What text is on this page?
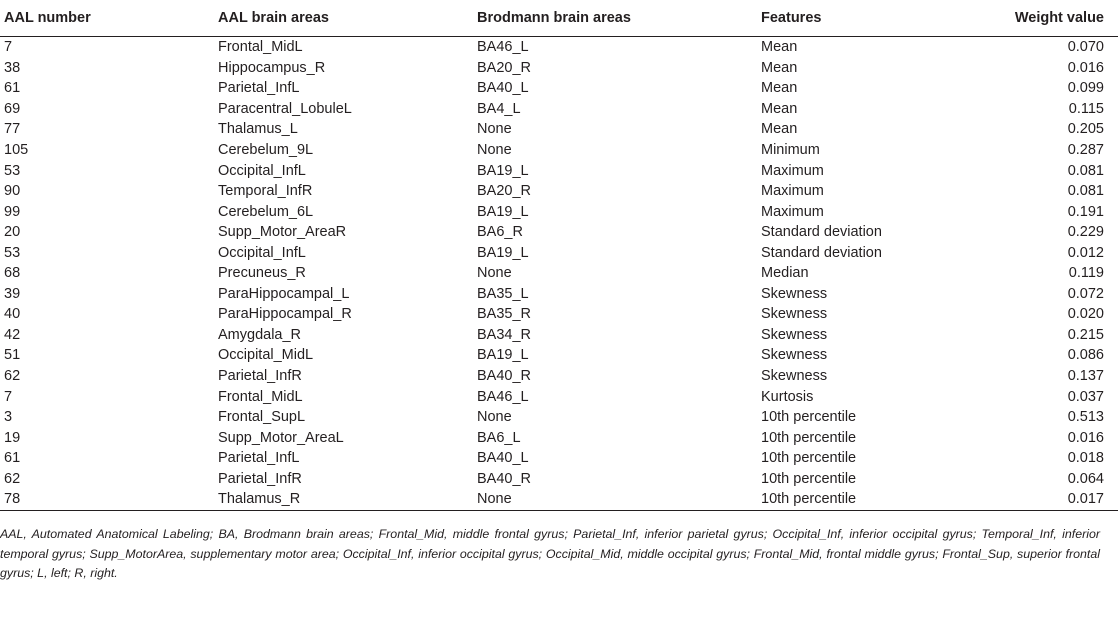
AAL number	AAL brain areas	Brodmann brain areas	Features	Weight value
7	Frontal_MidL	BA46_L	Mean	0.070
38	Hippocampus_R	BA20_R	Mean	0.016
61	Parietal_InfL	BA40_L	Mean	0.099
69	Paracentral_LobuleL	BA4_L	Mean	0.115
77	Thalamus_L	None	Mean	0.205
105	Cerebelum_9L	None	Minimum	0.287
53	Occipital_InfL	BA19_L	Maximum	0.081
90	Temporal_InfR	BA20_R	Maximum	0.081
99	Cerebelum_6L	BA19_L	Maximum	0.191
20	Supp_Motor_AreaR	BA6_R	Standard deviation	0.229
53	Occipital_InfL	BA19_L	Standard deviation	0.012
68	Precuneus_R	None	Median	0.119
39	ParaHippocampal_L	BA35_L	Skewness	0.072
40	ParaHippocampal_R	BA35_R	Skewness	0.020
42	Amygdala_R	BA34_R	Skewness	0.215
51	Occipital_MidL	BA19_L	Skewness	0.086
62	Parietal_InfR	BA40_R	Skewness	0.137
7	Frontal_MidL	BA46_L	Kurtosis	0.037
3	Frontal_SupL	None	10th percentile	0.513
19	Supp_Motor_AreaL	BA6_L	10th percentile	0.016
61	Parietal_InfL	BA40_L	10th percentile	0.018
62	Parietal_InfR	BA40_R	10th percentile	0.064
78	Thalamus_R	None	10th percentile	0.017
AAL, Automated Anatomical Labeling; BA, Brodmann brain areas; Frontal_Mid, middle frontal gyrus; Parietal_Inf, inferior parietal gyrus; Occipital_Inf, inferior occipital gyrus; Temporal_Inf, inferior temporal gyrus; Supp_MotorArea, supplementary motor area; Occipital_Inf, inferior occipital gyrus; Occipital_Mid, middle occipital gyrus; Frontal_Mid, frontal middle gyrus; Frontal_Sup, superior frontal gyrus; L, left; R, right.
